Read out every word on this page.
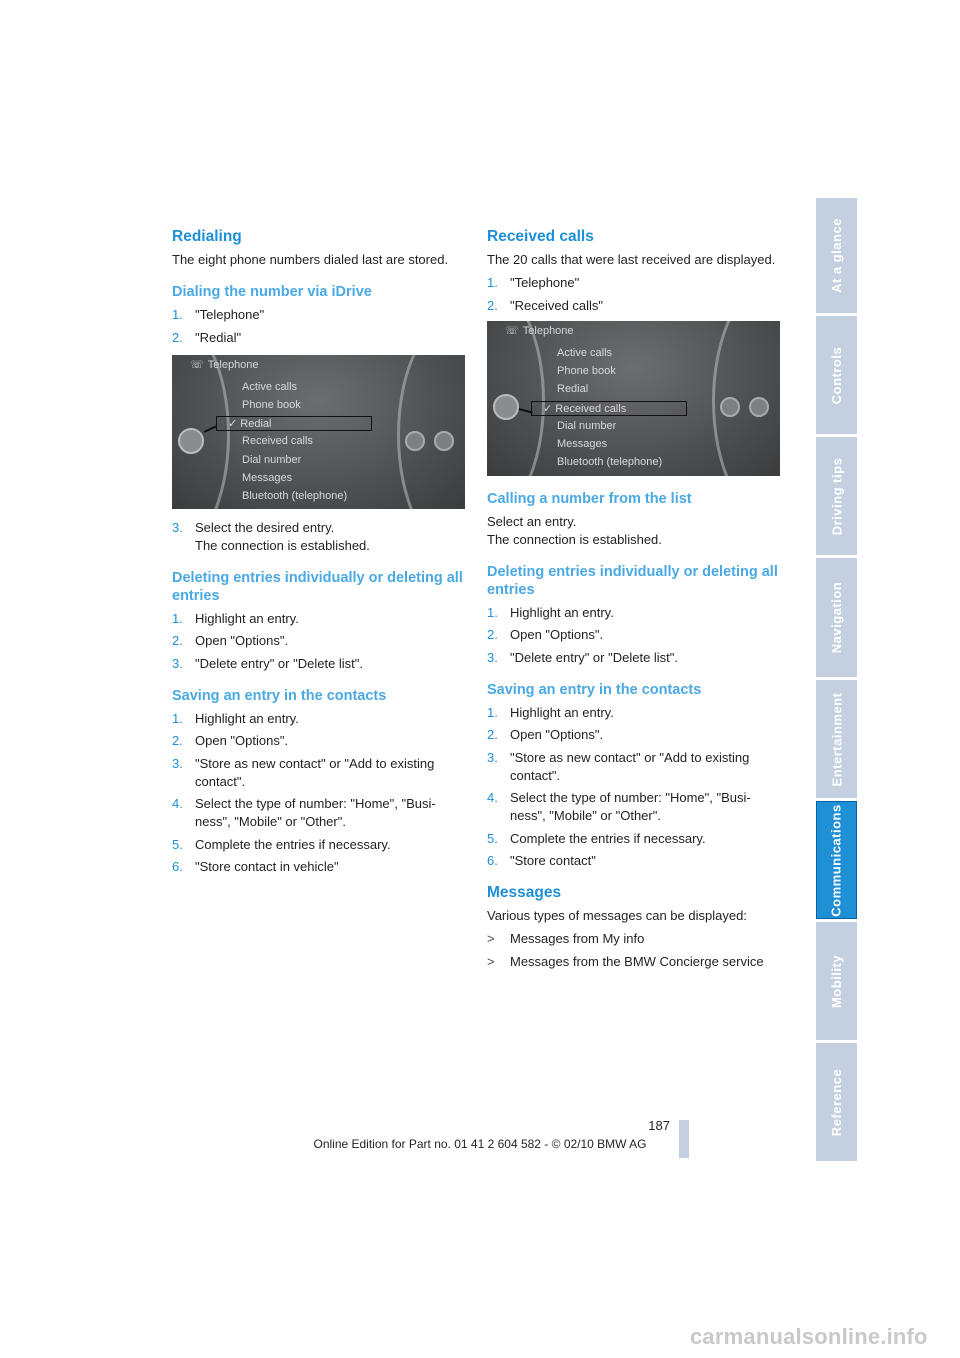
Redialing

The eight phone numbers dialed last are stored.

Dialing the number via iDrive
1. "Telephone"
2. "Redial"
☏ Telephone
Active calls
Phone book
✓ Redial
Received calls
Dial number
Messages
Bluetooth (telephone)
3. Select the desired entry.
The connection is established.
Deleting entries individually or deleting all entries
1. Highlight an entry.
2. Open "Options".
3. "Delete entry" or "Delete list".
Saving an entry in the contacts
1. Highlight an entry.
2. Open "Options".
3. "Store as new contact" or "Add to existing contact".
4. Select the type of number: "Home", "Busi-ness", "Mobile" or "Other".
5. Complete the entries if necessary.
6. "Store contact in vehicle"
Received calls

The 20 calls that were last received are displayed.

1. "Telephone"
2. "Received calls"
☏ Telephone
Active calls
Phone book
Redial
✓ Received calls
Dial number
Messages
Bluetooth (telephone)
Calling a number from the list

Select an entry.
The connection is established.

Deleting entries individually or deleting all entries
1. Highlight an entry.
2. Open "Options".
3. "Delete entry" or "Delete list".
Saving an entry in the contacts
1. Highlight an entry.
2. Open "Options".
3. "Store as new contact" or "Add to existing contact".
4. Select the type of number: "Home", "Busi-ness", "Mobile" or "Other".
5. Complete the entries if necessary.
6. "Store contact"
Messages

Various types of messages can be displayed:

>	Messages from My info
>	Messages from the BMW Concierge service
At a glance
Controls
Driving tips
Navigation
Entertainment
Communications
Mobility
Reference
187
Online Edition for Part no. 01 41 2 604 582 - © 02/10 BMW AG
carmanualsonline.info
